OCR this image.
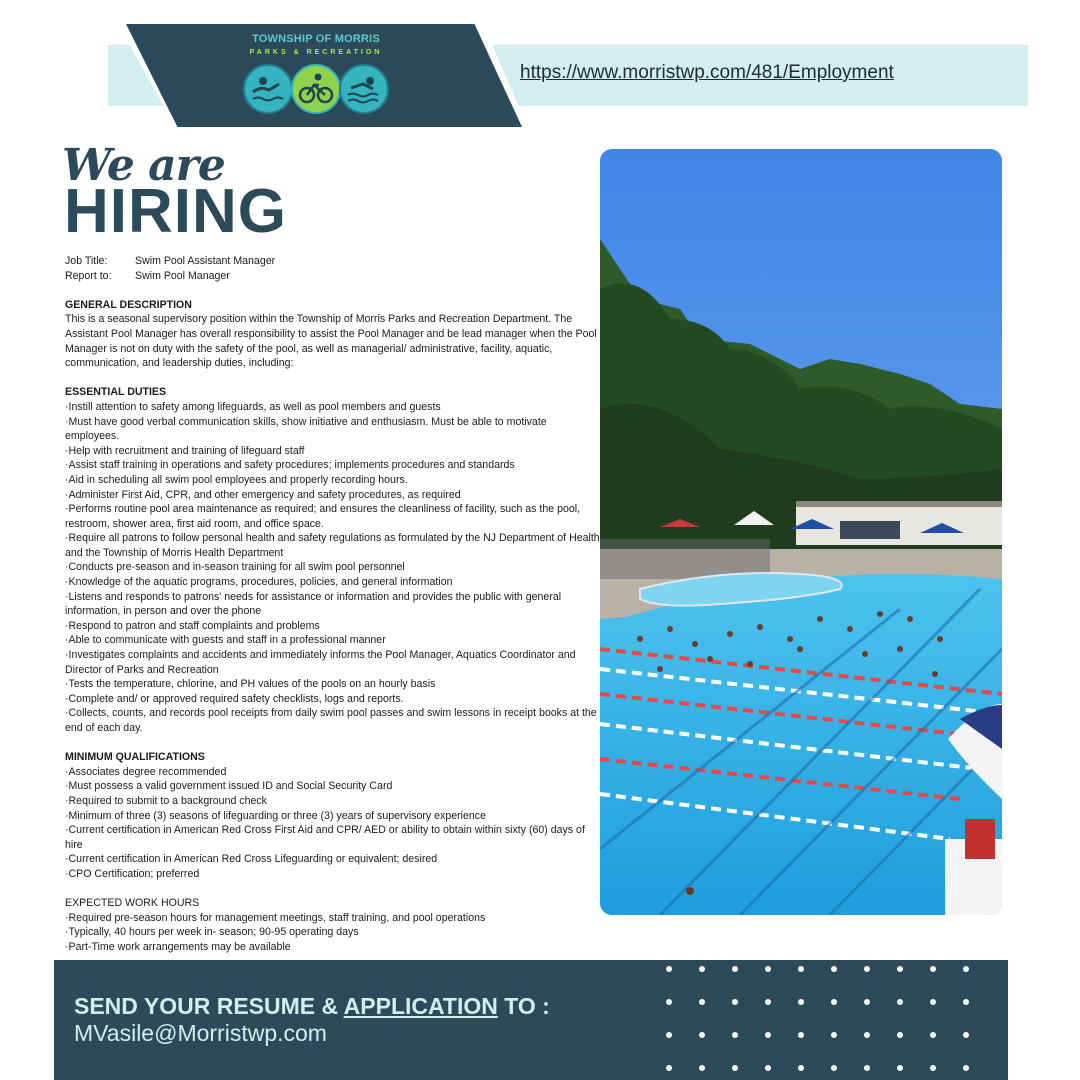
TOWNSHIP OF MORRIS
PARKS & RECREATION
https://www.morristwp.com/481/Employment
We are
HIRING
Job Title:	Swim Pool Assistant Manager
Report to:	Swim Pool Manager

GENERAL DESCRIPTION

This is a seasonal supervisory position within the Township of Morris Parks and Recreation Department. The Assistant Pool Manager has overall responsibility to assist the Pool Manager and be lead manager when the Pool Manager is not on duty with the safety of the pool, as well as managerial/ administrative, facility, aquatic, communication, and leadership duties, including:

ESSENTIAL DUTIES

·Instill attention to safety among lifeguards, as well as pool members and guests

·Must have good verbal communication skills, show initiative and enthusiasm. Must be able to motivate employees.

·Help with recruitment and training of lifeguard staff

·Assist staff training in operations and safety procedures; implements procedures and standards

·Aid in scheduling all swim pool employees and properly recording hours.

·Administer First Aid, CPR, and other emergency and safety procedures, as required

·Performs routine pool area maintenance as required; and ensures the cleanliness of facility, such as the pool, restroom, shower area, first aid room, and office space.

·Require all patrons to follow personal health and safety regulations as formulated by the NJ Department of Health and the Township of Morris Health Department

·Conducts pre-season and in-season training for all swim pool personnel

·Knowledge of the aquatic programs, procedures, policies, and general information

·Listens and responds to patrons' needs for assistance or information and provides the public with general information, in person and over the phone

·Respond to patron and staff complaints and problems

·Able to communicate with guests and staff in a professional manner

·Investigates complaints and accidents and immediately informs the Pool Manager, Aquatics Coordinator and Director of Parks and Recreation

·Tests the temperature, chlorine, and PH values of the pools on an hourly basis

·Complete and/ or approved required safety checklists, logs and reports.

·Collects, counts, and records pool receipts from daily swim pool passes and swim lessons in receipt books at the end of each day.

MINIMUM QUALIFICATIONS

·Associates degree recommended

·Must possess a valid government issued ID and Social Security Card

·Required to submit to a background check

·Minimum of three (3) seasons of lifeguarding or three (3) years of supervisory experience

·Current certification in American Red Cross First Aid and CPR/ AED or ability to obtain within sixty (60) days of hire

·Current certification in American Red Cross Lifeguarding or equivalent; desired

·CPO Certification; preferred

EXPECTED WORK HOURS

·Required pre-season hours for management meetings, staff training, and pool operations

·Typically, 40 hours per week in- season; 90-95 operating days

·Part-Time work arrangements may be available

SEND YOUR RESUME & APPLICATION TO :
MVasile@Morristwp.com
